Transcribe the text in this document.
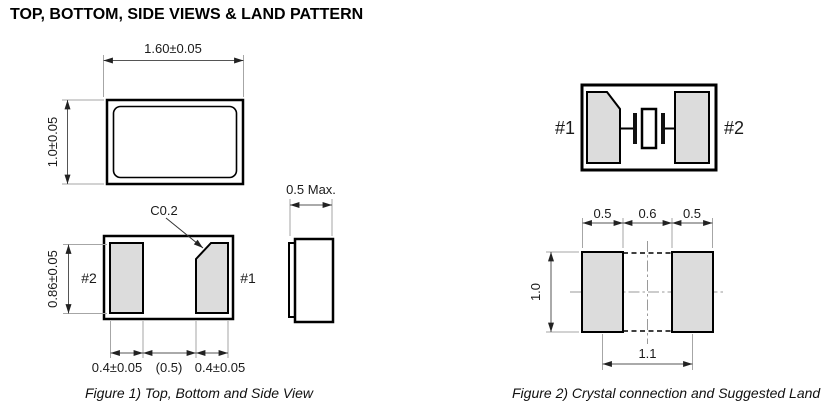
TOP, BOTTOM, SIDE VIEWS & LAND PATTERN
1.60±0.05
1.0±0.05
#2	#1
C0.2
0.86±0.05
0.4±0.05 (0.5) 0.4±0.05
0.5 Max.
#1	#2
0.5 0.6 0.5
1.0
1.1
Figure 1) Top, Bottom and Side View	Figure 2) Crystal connection and Suggested Land
